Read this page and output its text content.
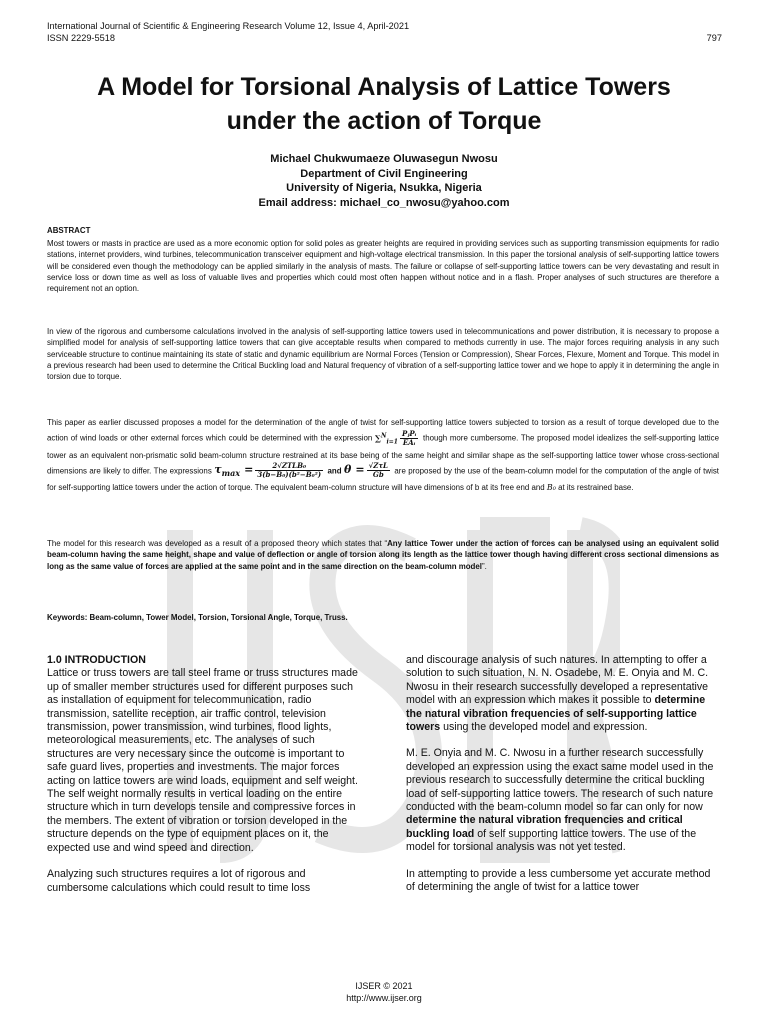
International Journal of Scientific & Engineering Research Volume 12, Issue 4, April-2021
ISSN 2229-5518	797
A Model for Torsional Analysis of Lattice Towers
under the action of Torque
Michael Chukwumaeze Oluwasegun Nwosu
Department of Civil Engineering
University of Nigeria, Nsukka, Nigeria
Email address: michael_co_nwosu@yahoo.com
ABSTRACT

Most towers or masts in practice are used as a more economic option for solid poles as greater heights are required in providing services such as supporting transmission equipments for radio stations, internet providers, wind turbines, telecommunication transceiver equipment and high-voltage electrical transmission. In this paper the torsional analysis of self-supporting lattice towers will be considered even though the methodology can be applied similarly in the analysis of masts. The failure or collapse of self-supporting lattice towers can be very devastating and result in service loss or down time as well as loss of valuable lives and properties which could most often happen without notice and in a flash. Proper analyses of such structures are therefore a requirement not an option.

In view of the rigorous and cumbersome calculations involved in the analysis of self-supporting lattice towers used in telecommunications and power distribution, it is necessary to propose a simplified model for analysis of self-supporting lattice towers that can give acceptable results when compared to methods currently in use. The major forces requiring analysis in any such serviceable structure to continue maintaining its state of static and dynamic equilibrium are Normal Forces (Tension or Compression), Shear Forces, Flexure, Moment and Torque. This model in a previous research had been used to determine the Critical Buckling load and Natural frequency of vibration of a self-supporting lattice tower and we hope to apply it in determining the angle in torsion due to torque.

This paper as earlier discussed proposes a model for the determination of the angle of twist for self-supporting lattice towers subjected to torsion as a result of torque developed due to the action of wind loads or other external forces which could be determined with the expression $\sum^N_{i=1} \frac{\text{PⱼPᵢ}}{\text{EAᵢ}}$ though more cumbersome. The proposed model idealizes the self-supporting lattice tower as an equivalent non-prismatic solid beam-column structure restrained at its base being of the same height and similar shape as the self-supporting lattice tower whose cross-sectional dimensions are likely to differ. The expressions $\tau_{max} = \frac{\text{2√ZTLB₀}}{\text{3(b−B₀)(b²−B₀²)}}$ and $\theta = \frac{\text{√ZτL}}{Gb}$ are proposed by the use of the beam-column model for the computation of the angle of twist for self-supporting lattice towers under the action of torque. The equivalent beam-column structure will have dimensions of b at its free end and B₀ at its restrained base.

The model for this research was developed as a result of a proposed theory which states that “Any lattice Tower under the action of forces can be analysed using an equivalent solid beam-column having the same height, shape and value of deflection or angle of torsion along its length as the lattice tower though having different cross sectional dimensions as long as the same value of forces are applied at the same point and in the same direction on the beam-column model”.

Keywords: Beam-column, Tower Model, Torsion, Torsional Angle, Torque, Truss.

1.0 INTRODUCTION

Lattice or truss towers are tall steel frame or truss structures made up of smaller member structures used for different purposes such as installation of equipment for telecommunication, radio transmission, satellite reception, air traffic control, television transmission, power transmission, wind turbines, flood lights, meteorological measurements, etc. The analyses of such structures are very necessary since the outcome is important to safe guard lives, properties and investments. The major forces acting on lattice towers are wind loads, equipment and self weight. The self weight normally results in vertical loading on the entire structure which in turn develops tensile and compressive forces in the members. The extent of vibration or torsion developed in the structure depends on the type of equipment places on it, the expected use and wind speed and direction.

Analyzing such structures requires a lot of rigorous and cumbersome calculations which could result to time loss

and discourage analysis of such natures. In attempting to offer a solution to such situation, N. N. Osadebe, M. E. Onyia and M. C. Nwosu in their research successfully developed a representative model with an expression which makes it possible to determine the natural vibration frequencies of self-supporting lattice towers using the developed model and expression.

M. E. Onyia and M. C. Nwosu in a further research successfully developed an expression using the exact same model used in the previous research to successfully determine the critical buckling load of self-supporting lattice towers. The research of such nature conducted with the beam-column model so far can only for now determine the natural vibration frequencies and critical buckling load of self supporting lattice towers. The use of the model for torsional analysis was not yet tested.

In attempting to provide a less cumbersome yet accurate method of determining the angle of twist for a lattice tower

IJSER © 2021
http://www.ijser.org
